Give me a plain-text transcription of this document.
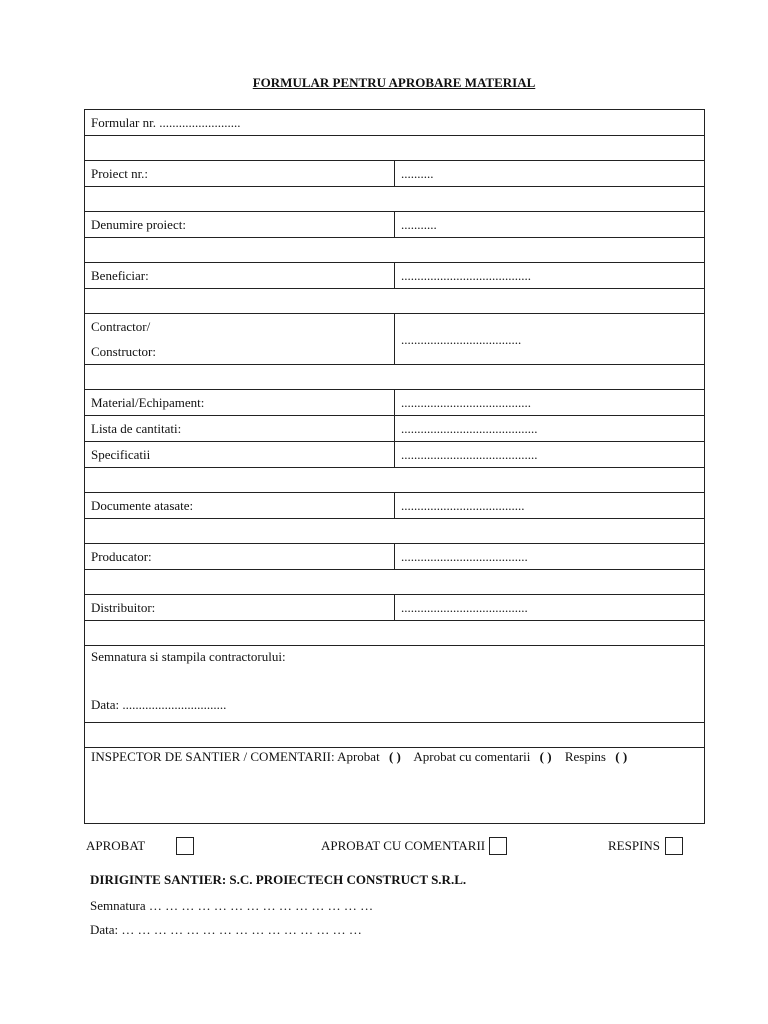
FORMULAR PENTRU APROBARE MATERIAL
Formular nr. .........................	

Proiect nr.:	..........

Denumire proiect:	...........

Beneficiar:	........................................

Contractor/
Constructor:	.....................................

Material/Echipament:	........................................
Lista de cantitati:	..........................................
Specificatii	..........................................

Documente atasate:	......................................

Producator:	.......................................

Distribuitor:	.......................................

Semnatura si stampila contractorului:
Data: ................................	

INSPECTOR DE SANTIER / COMENTARII: Aprobat ( ) Aprobat cu comentarii ( ) Respins ( )	
APROBAT	APROBAT CU COMENTARII	RESPINS
DIRIGINTE SANTIER: S.C. PROIECTECH CONSTRUCT S.R.L.
Semnatura … … … … … … … … … … … … … …
Data: … … … … … … … … … … … … … … …
